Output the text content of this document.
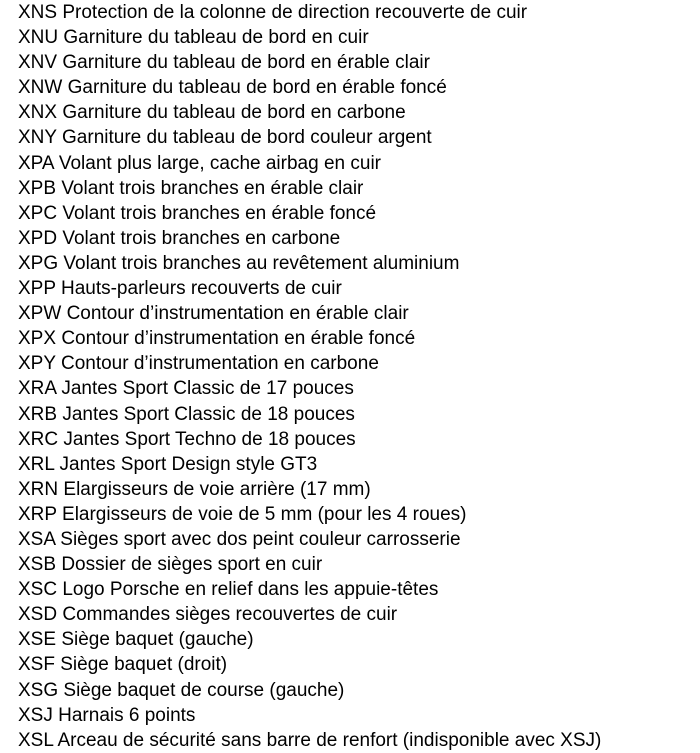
XNS Protection de la colonne de direction recouverte de cuir
XNU Garniture du tableau de bord en cuir
XNV Garniture du tableau de bord en érable clair
XNW Garniture du tableau de bord en érable foncé
XNX Garniture du tableau de bord en carbone
XNY Garniture du tableau de bord couleur argent
XPA Volant plus large, cache airbag en cuir
XPB Volant trois branches en érable clair
XPC Volant trois branches en érable foncé
XPD Volant trois branches en carbone
XPG Volant trois branches au revêtement aluminium
XPP Hauts-parleurs recouverts de cuir
XPW Contour d’instrumentation en érable clair
XPX Contour d’instrumentation en érable foncé
XPY Contour d’instrumentation en carbone
XRA Jantes Sport Classic de 17 pouces
XRB Jantes Sport Classic de 18 pouces
XRC Jantes Sport Techno de 18 pouces
XRL Jantes Sport Design style GT3
XRN Elargisseurs de voie arrière (17 mm)
XRP Elargisseurs de voie de 5 mm (pour les 4 roues)
XSA Sièges sport avec dos peint couleur carrosserie
XSB Dossier de sièges sport en cuir
XSC Logo Porsche en relief dans les appuie-têtes
XSD Commandes sièges recouvertes de cuir
XSE Siège baquet (gauche)
XSF Siège baquet (droit)
XSG Siège baquet de course (gauche)
XSJ Harnais 6 points
XSL Arceau de sécurité sans barre de renfort (indisponible avec XSJ)
